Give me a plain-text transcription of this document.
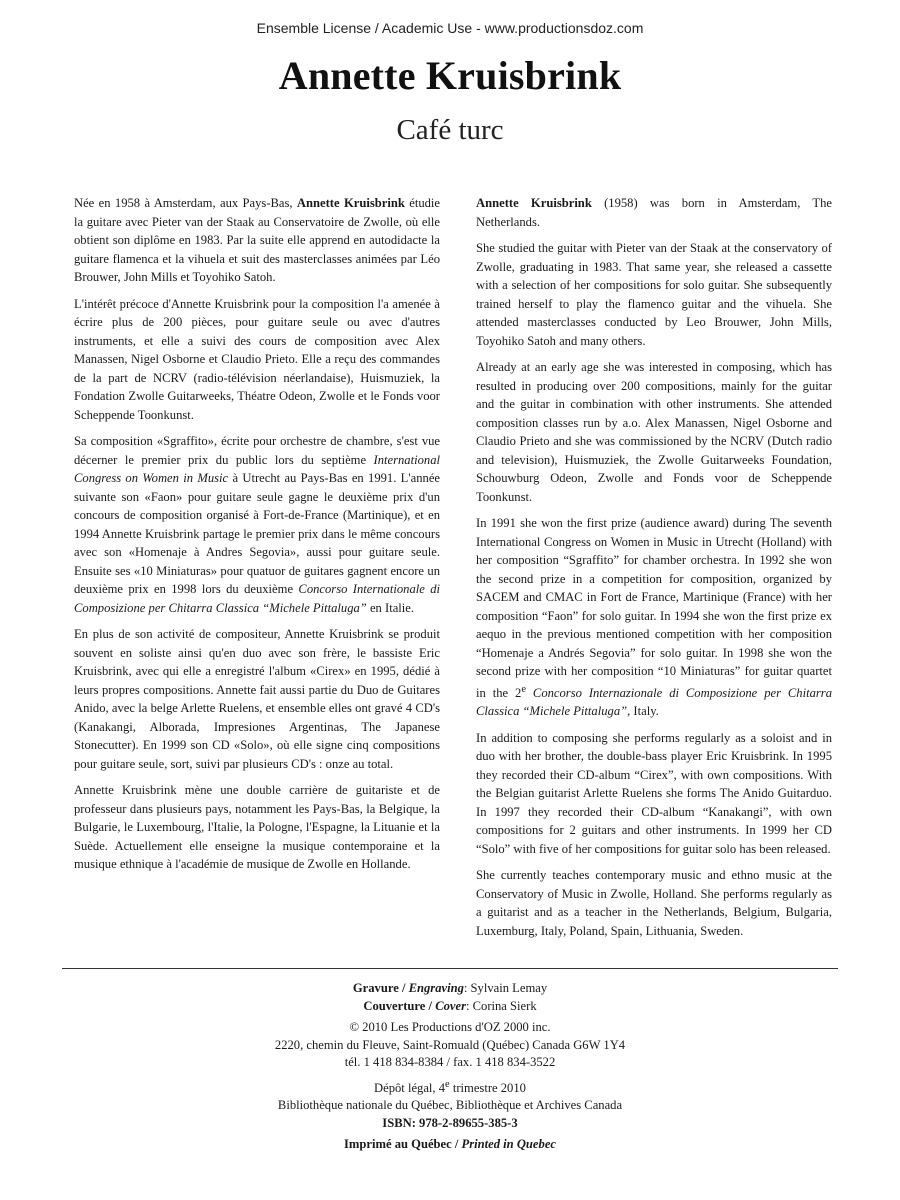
Ensemble License / Academic Use - www.productionsdoz.com
Annette Kruisbrink
Café turc

Née en 1958 à Amsterdam, aux Pays-Bas, Annette Kruisbrink étudie la guitare avec Pieter van der Staak au Conservatoire de Zwolle, où elle obtient son diplôme en 1983. Par la suite elle apprend en autodidacte la guitare flamenca et la vihuela et suit des masterclasses animées par Léo Brouwer, John Mills et Toyohiko Satoh.

L'intérêt précoce d'Annette Kruisbrink pour la composition l'a amenée à écrire plus de 200 pièces, pour guitare seule ou avec d'autres instruments, et elle a suivi des cours de composition avec Alex Manassen, Nigel Osborne et Claudio Prieto. Elle a reçu des commandes de la part de NCRV (radio-télévision néerlandaise), Huismuziek, la Fondation Zwolle Guitarweeks, Théatre Odeon, Zwolle et le Fonds voor Scheppende Toonkunst.

Sa composition «Sgraffito», écrite pour orchestre de chambre, s'est vue décerner le premier prix du public lors du septième International Congress on Women in Music à Utrecht au Pays-Bas en 1991. L'année suivante son «Faon» pour guitare seule gagne le deuxième prix d'un concours de composition organisé à Fort-de-France (Martinique), et en 1994 Annette Kruisbrink partage le premier prix dans le même concours avec son «Homenaje à Andres Segovia», aussi pour guitare seule. Ensuite ses «10 Miniaturas» pour quatuor de guitares gagnent encore un deuxième prix en 1998 lors du deuxième Concorso Internationale di Composizione per Chitarra Classica “Michele Pittaluga” en Italie.

En plus de son activité de compositeur, Annette Kruisbrink se produit souvent en soliste ainsi qu'en duo avec son frère, le bassiste Eric Kruisbrink, avec qui elle a enregistré l'album «Cirex» en 1995, dédié à leurs propres compositions. Annette fait aussi partie du Duo de Guitares Anido, avec la belge Arlette Ruelens, et ensemble elles ont gravé 4 CD's (Kanakangi, Alborada, Impresiones Argentinas, The Japanese Stonecutter). En 1999 son CD «Solo», où elle signe cinq compositions pour guitare seule, sort, suivi par plusieurs CD's : onze au total.

Annette Kruisbrink mène une double carrière de guitariste et de professeur dans plusieurs pays, notamment les Pays-Bas, la Belgique, la Bulgarie, le Luxembourg, l'Italie, la Pologne, l'Espagne, la Lituanie et la Suède. Actuellement elle enseigne la musique contemporaine et la musique ethnique à l'académie de musique de Zwolle en Hollande.

Annette Kruisbrink (1958) was born in Amsterdam, The Netherlands.

She studied the guitar with Pieter van der Staak at the conservatory of Zwolle, graduating in 1983. That same year, she released a cassette with a selection of her compositions for solo guitar. She subsequently trained herself to play the flamenco guitar and the vihuela. She attended masterclasses conducted by Leo Brouwer, John Mills, Toyohiko Satoh and many others.

Already at an early age she was interested in composing, which has resulted in producing over 200 compositions, mainly for the guitar and the guitar in combination with other instruments. She attended composition classes run by a.o. Alex Manassen, Nigel Osborne and Claudio Prieto and she was commissioned by the NCRV (Dutch radio and television), Huismuziek, the Zwolle Guitarweeks Foundation, Schouwburg Odeon, Zwolle and Fonds voor de Scheppende Toonkunst.

In 1991 she won the first prize (audience award) during The seventh International Congress on Women in Music in Utrecht (Holland) with her composition “Sgraffito” for chamber orchestra. In 1992 she won the second prize in a competition for composition, organized by SACEM and CMAC in Fort de France, Martinique (France) with her composition “Faon” for solo guitar. In 1994 she won the first prize ex aequo in the previous mentioned competition with her composition “Homenaje a Andrés Segovia” for solo guitar. In 1998 she won the second prize with her composition “10 Miniaturas” for guitar quartet in the 2e Concorso Internazionale di Composizione per Chitarra Classica “Michele Pittaluga”, Italy.

In addition to composing she performs regularly as a soloist and in duo with her brother, the double-bass player Eric Kruisbrink. In 1995 they recorded their CD-album “Cirex”, with own compositions. With the Belgian guitarist Arlette Ruelens she forms The Anido Guitarduo. In 1997 they recorded their CD-album “Kanakangi”, with own compositions for 2 guitars and other instruments. In 1999 her CD “Solo” with five of her compositions for guitar solo has been released.

She currently teaches contemporary music and ethno music at the Conservatory of Music in Zwolle, Holland. She performs regularly as a guitarist and as a teacher in the Netherlands, Belgium, Bulgaria, Luxemburg, Italy, Poland, Spain, Lithuania, Sweden.

Gravure / Engraving: Sylvain Lemay
Couverture / Cover: Corina Sierk
© 2010 Les Productions d'OZ 2000 inc.
2220, chemin du Fleuve, Saint-Romuald (Québec) Canada G6W 1Y4
tél. 1 418 834-8384 / fax. 1 418 834-3522
Dépôt légal, 4e trimestre 2010
Bibliothèque nationale du Québec, Bibliothèque et Archives Canada
ISBN: 978-2-89655-385-3
Imprimé au Québec / Printed in Quebec
